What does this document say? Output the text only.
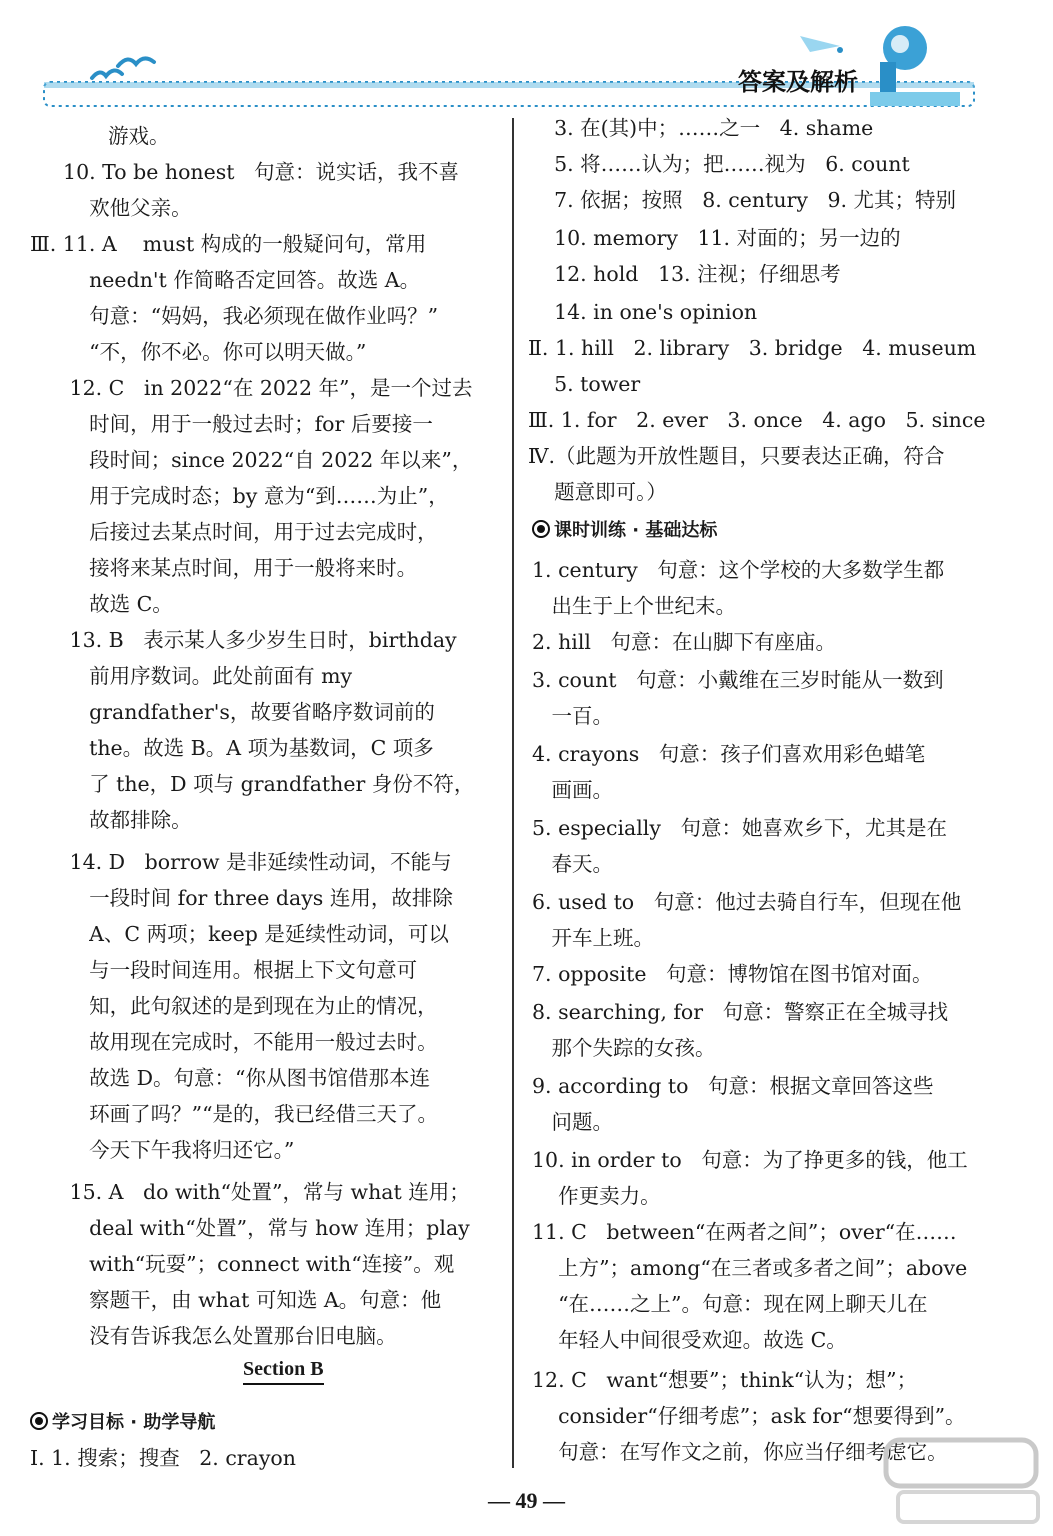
答案及解析
游戏。
10. To be honest   句意：说实话，我不喜
欢他父亲。
Ⅲ. 11. A    must 构成的一般疑问句，常用
needn't 作简略否定回答。故选 A。
句意：“妈妈，我必须现在做作业吗？”
“不，你不必。你可以明天做。”
12. C   in 2022“在 2022 年”，是一个过去
时间，用于一般过去时；for 后要接一
段时间；since 2022“自 2022 年以来”，
用于完成时态；by 意为“到……为止”，
后接过去某点时间，用于过去完成时，
接将来某点时间，用于一般将来时。
故选 C。
13. B   表示某人多少岁生日时，birthday
前用序数词。此处前面有 my
grandfather's，故要省略序数词前的
the。故选 B。A 项为基数词，C 项多
了 the，D 项与 grandfather 身份不符，
故都排除。
14. D   borrow 是非延续性动词，不能与
一段时间 for three days 连用，故排除
A、C 两项；keep 是延续性动词，可以
与一段时间连用。根据上下文句意可
知，此句叙述的是到现在为止的情况，
故用现在完成时，不能用一般过去时。
故选 D。句意：“你从图书馆借那本连
环画了吗？”“是的，我已经借三天了。
今天下午我将归还它。”
15. A   do with“处置”，常与 what 连用；
deal with“处置”，常与 how 连用；play
with“玩耍”；connect with“连接”。观
察题干，由 what 可知选 A。句意：他
没有告诉我怎么处置那台旧电脑。
Section B
学习目标 · 助学导航
Ⅰ. 1. 搜索；搜查   2. crayon
3. 在(其)中；……之一   4. shame
5. 将……认为；把……视为   6. count
7. 依据；按照   8. century   9. 尤其；特别
10. memory   11. 对面的；另一边的
12. hold   13. 注视；仔细思考
14. in one's opinion
Ⅱ. 1. hill   2. library   3. bridge   4. museum
5. tower
Ⅲ. 1. for   2. ever   3. once   4. ago   5. since
Ⅳ.（此题为开放性题目，只要表达正确，符合
题意即可。）
课时训练 · 基础达标
1. century   句意：这个学校的大多数学生都
出生于上个世纪末。
2. hill   句意：在山脚下有座庙。
3. count   句意：小戴维在三岁时能从一数到
一百。
4. crayons   句意：孩子们喜欢用彩色蜡笔
画画。
5. especially   句意：她喜欢乡下，尤其是在
春天。
6. used to   句意：他过去骑自行车，但现在他
开车上班。
7. opposite   句意：博物馆在图书馆对面。
8. searching, for   句意：警察正在全城寻找
那个失踪的女孩。
9. according to   句意：根据文章回答这些
问题。
10. in order to   句意：为了挣更多的钱，他工
作更卖力。
11. C   between“在两者之间”；over“在……
上方”；among“在三者或多者之间”；above
“在……之上”。句意：现在网上聊天儿在
年轻人中间很受欢迎。故选 C。
12. C   want“想要”；think“认为；想”；
consider“仔细考虑”；ask for“想要得到”。
句意：在写作文之前，你应当仔细考虑它。
— 49 —
